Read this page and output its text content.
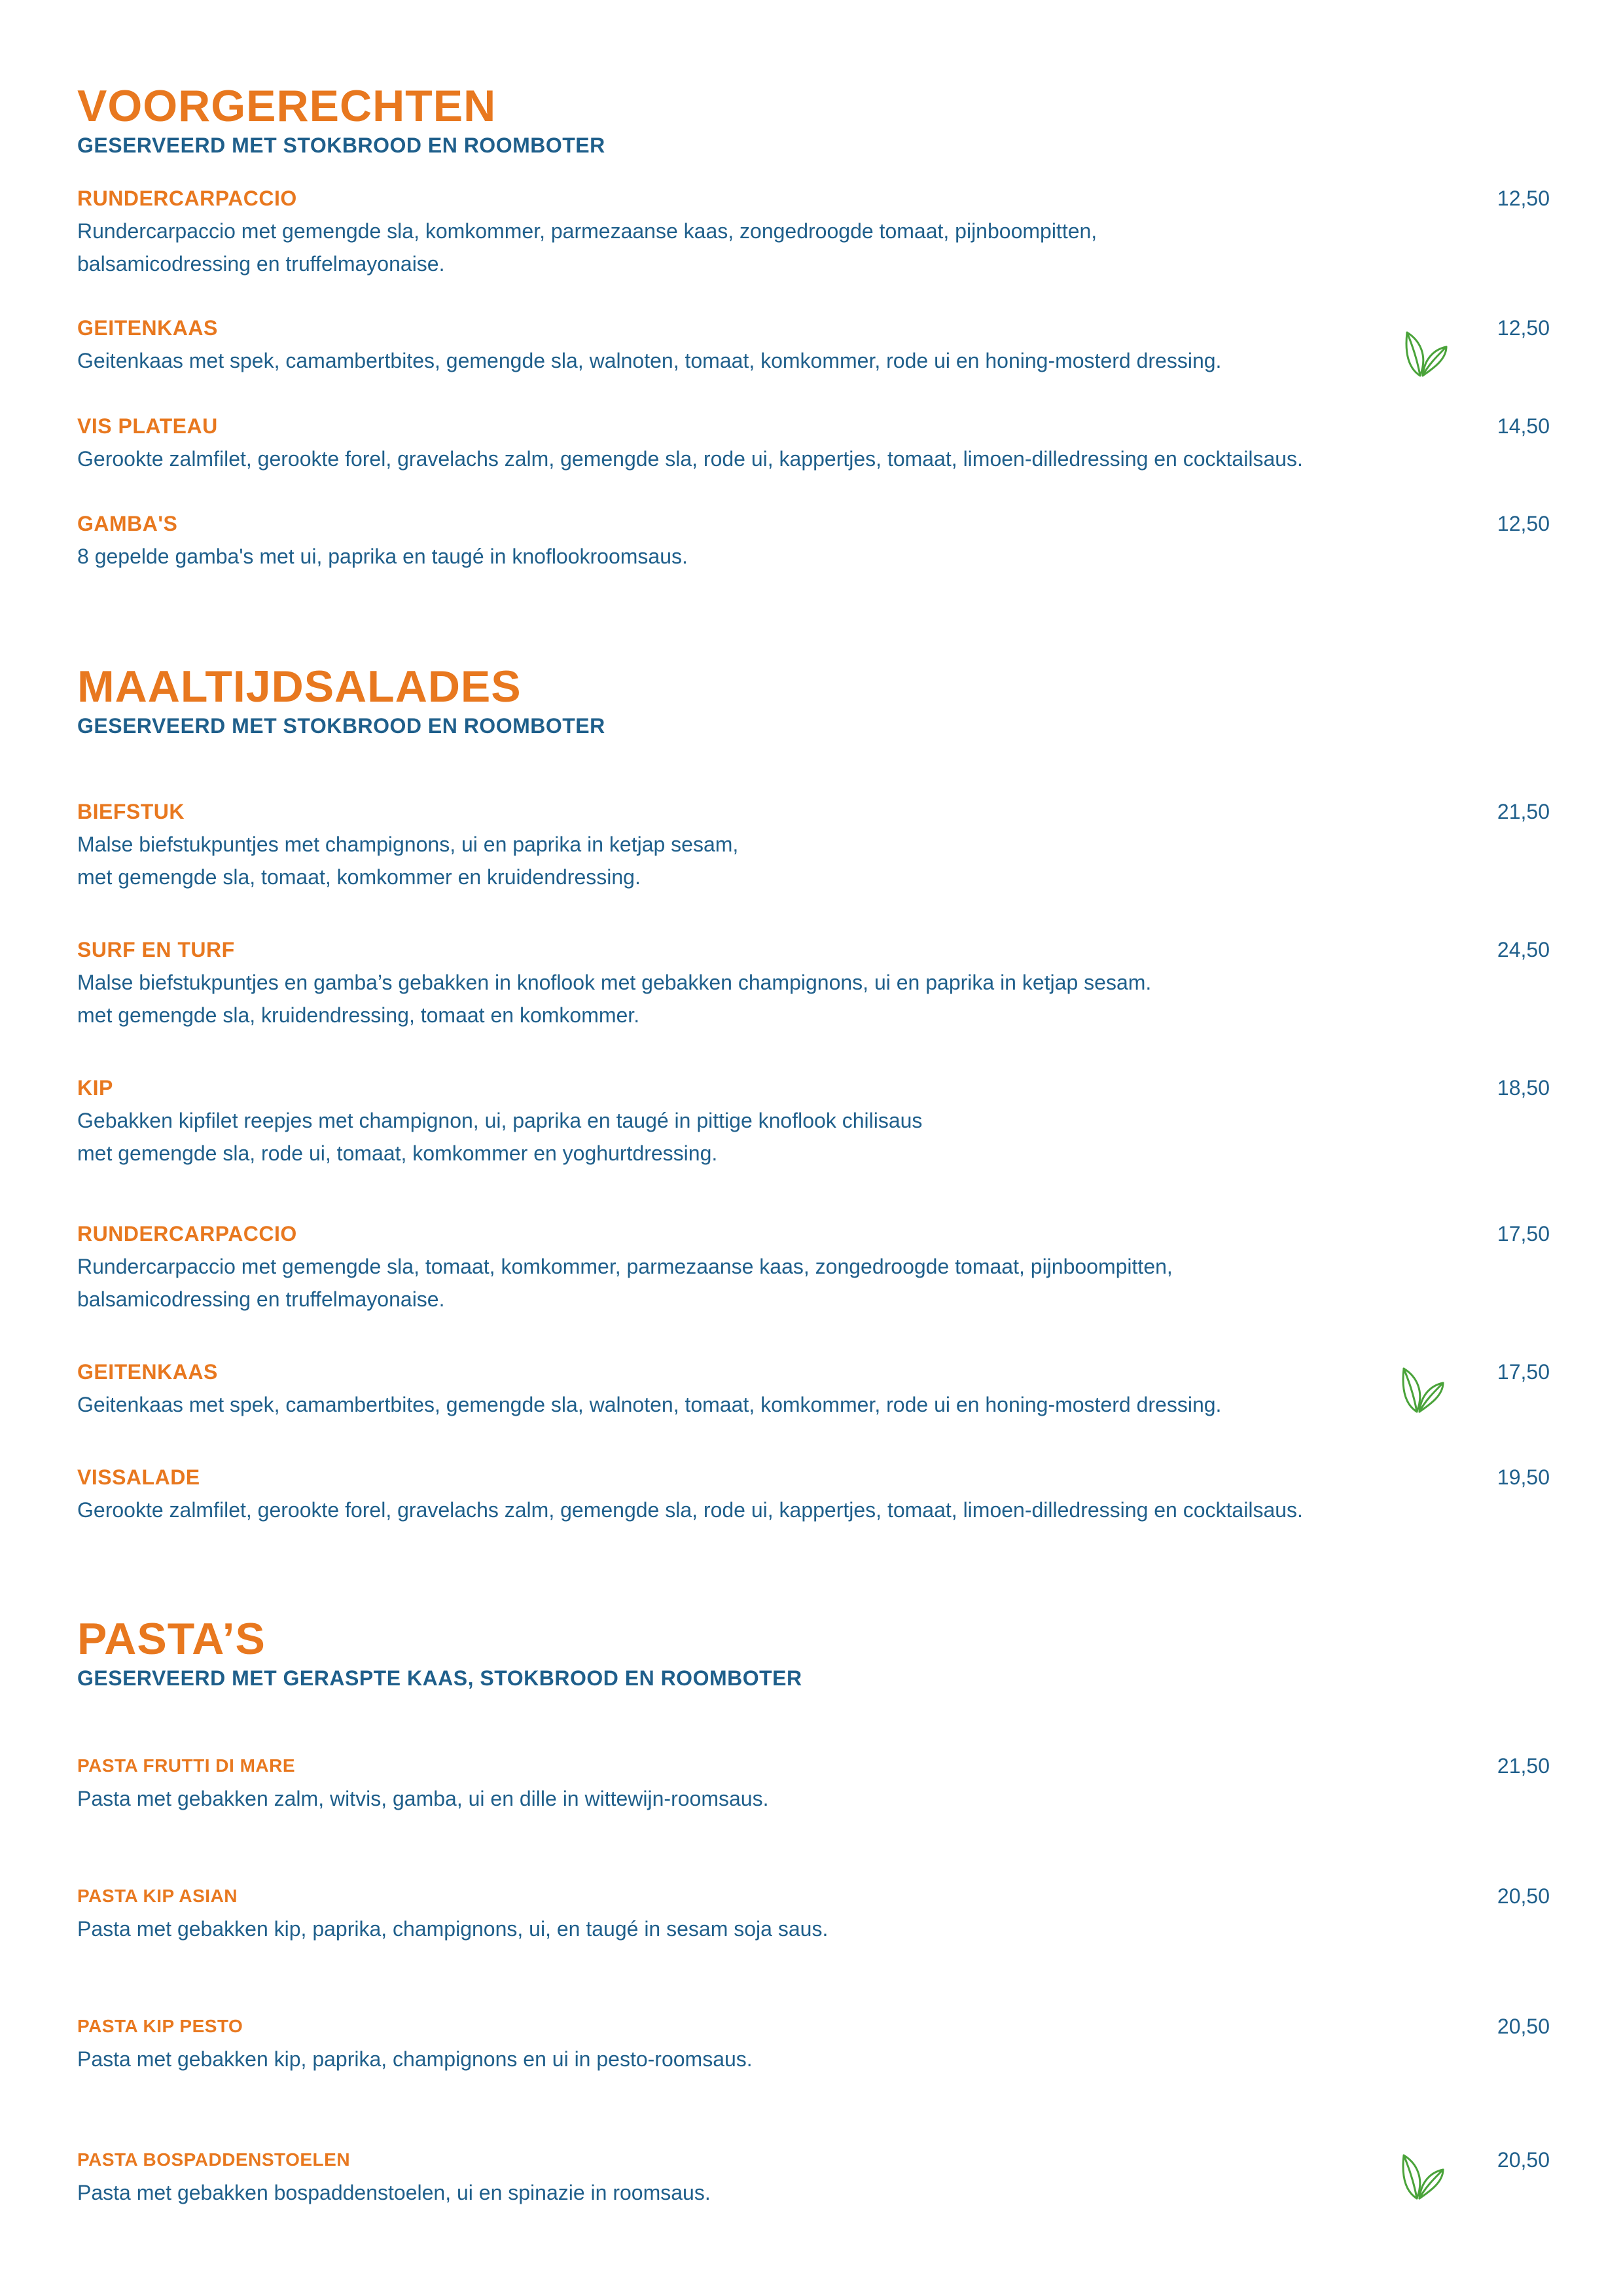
VOORGERECHTEN
GESERVEERD MET STOKBROOD EN ROOMBOTER
RUNDERCARPACCIO
Rundercarpaccio met gemengde sla, komkommer, parmezaanse kaas, zongedroogde tomaat, pijnboompitten,
balsamicodressing en truffelmayonaise.
12,50
GEITENKAAS
Geitenkaas met spek, camambertbites, gemengde sla, walnoten, tomaat, komkommer, rode ui en honing-mosterd dressing.
12,50
VIS PLATEAU
Gerookte zalmfilet, gerookte forel, gravelachs zalm, gemengde sla, rode ui, kappertjes, tomaat, limoen-dilledressing en cocktailsaus.
14,50
GAMBA'S
8 gepelde gamba's met ui, paprika en taugé in knoflookroomsaus.
12,50
MAALTIJDSALADES
GESERVEERD MET STOKBROOD EN ROOMBOTER
BIEFSTUK
Malse biefstukpuntjes met champignons, ui en paprika in ketjap sesam,
met gemengde sla, tomaat, komkommer en kruidendressing.
21,50
SURF EN TURF
Malse biefstukpuntjes en gamba’s gebakken in knoflook met gebakken champignons, ui en paprika in ketjap sesam.
met gemengde sla, kruidendressing, tomaat en komkommer.
24,50
KIP
Gebakken kipfilet reepjes met champignon, ui, paprika en taugé in pittige knoflook chilisaus
met gemengde sla, rode ui, tomaat, komkommer en yoghurtdressing.
18,50
RUNDERCARPACCIO
Rundercarpaccio met gemengde sla, tomaat, komkommer, parmezaanse kaas, zongedroogde tomaat, pijnboompitten,
balsamicodressing en truffelmayonaise.
17,50
GEITENKAAS
Geitenkaas met spek, camambertbites, gemengde sla, walnoten, tomaat, komkommer, rode ui en honing-mosterd dressing.
17,50
VISSALADE
Gerookte zalmfilet, gerookte forel, gravelachs zalm, gemengde sla, rode ui, kappertjes, tomaat, limoen-dilledressing en cocktailsaus.
19,50
PASTA’S
GESERVEERD MET GERASPTE KAAS, STOKBROOD EN ROOMBOTER
PASTA FRUTTI DI MARE
Pasta met gebakken zalm, witvis, gamba, ui en dille in wittewijn-roomsaus.
21,50
PASTA KIP ASIAN
Pasta met gebakken kip, paprika, champignons, ui, en taugé in sesam soja saus.
20,50
PASTA KIP PESTO
Pasta met gebakken kip, paprika, champignons en ui in pesto-roomsaus.
20,50
PASTA BOSPADDENSTOELEN
Pasta met gebakken bospaddenstoelen, ui en spinazie in roomsaus.
20,50
